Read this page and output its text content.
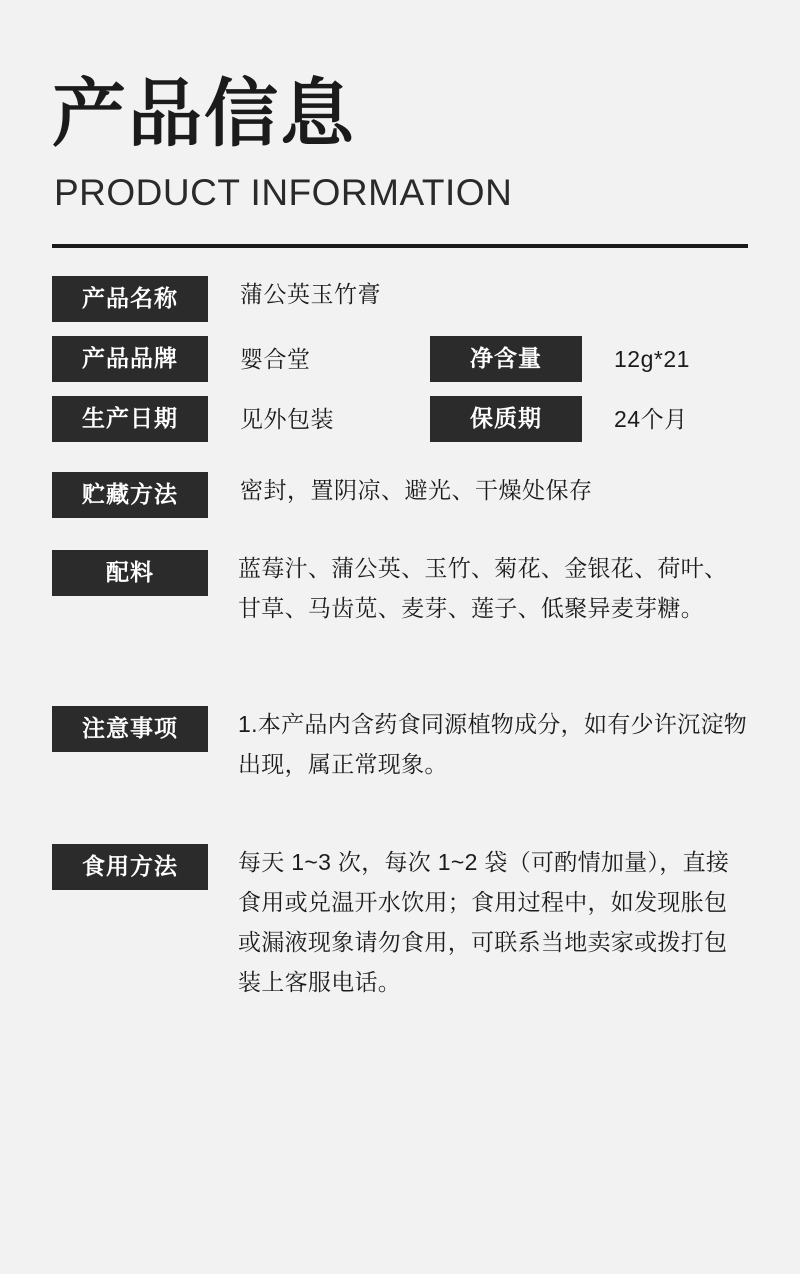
产品信息
PRODUCT INFORMATION
产品名称	蒲公英玉竹膏
产品品牌	婴合堂	净含量	12g*21
生产日期	见外包装	保质期	24个月
贮藏方法	密封，置阴凉、避光、干燥处保存
配料	蓝莓汁、蒲公英、玉竹、菊花、金银花、荷叶、甘草、马齿苋、麦芽、莲子、低聚异麦芽糖。
注意事项	1.本产品内含药食同源植物成分，如有少许沉淀物出现，属正常现象。
食用方法	每天 1~3 次，每次 1~2 袋（可酌情加量），直接食用或兑温开水饮用；食用过程中，如发现胀包或漏液现象请勿食用，可联系当地卖家或拨打包装上客服电话。
